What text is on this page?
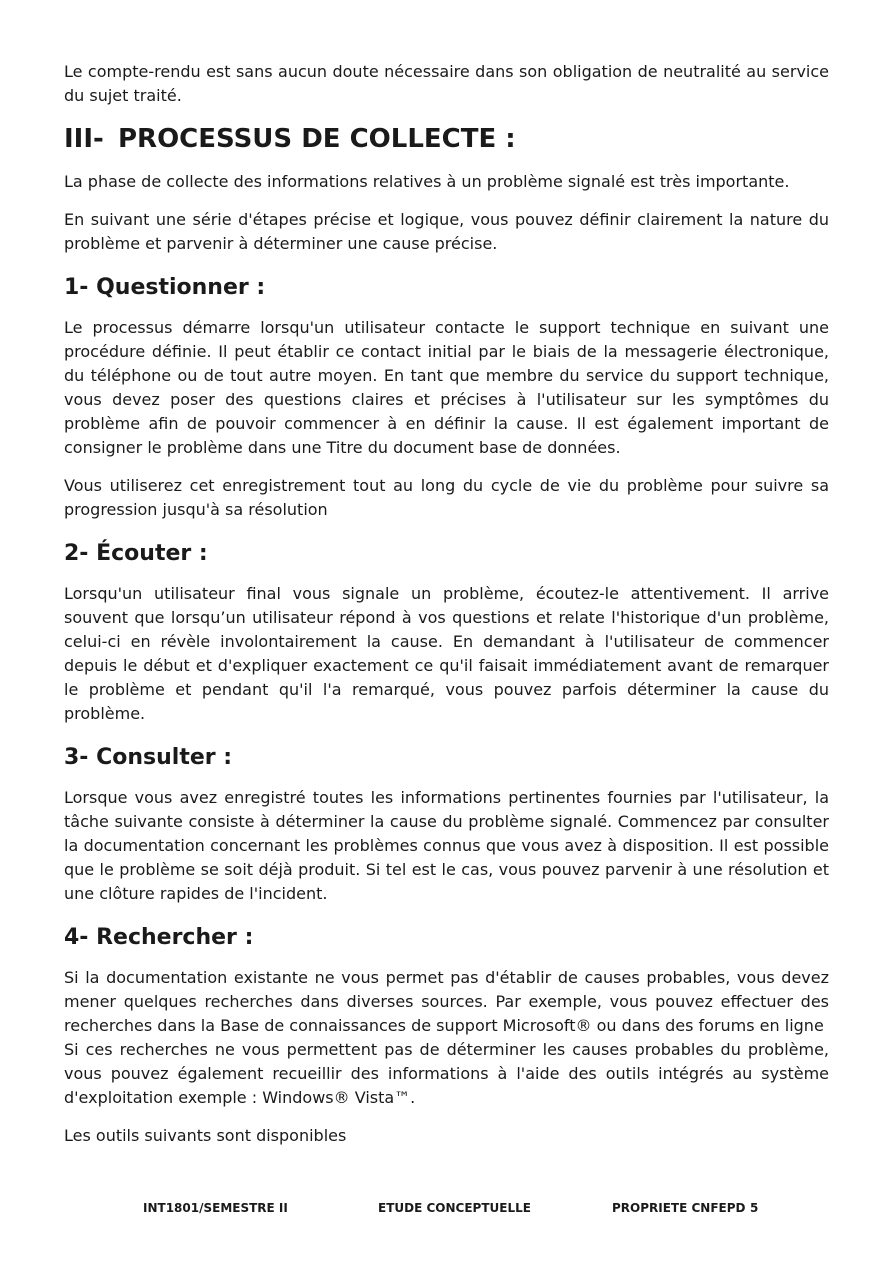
Le compte-rendu est sans aucun doute nécessaire dans son obligation de neutralité au service du sujet traité.

III- PROCESSUS DE COLLECTE :

La phase de collecte des informations relatives à un problème signalé est très importante.

En suivant une série d'étapes précise et logique, vous pouvez définir clairement la nature du problème et parvenir à déterminer une cause précise.

1- Questionner :

Le processus démarre lorsqu'un utilisateur contacte le support technique en suivant une procédure définie. Il peut établir ce contact initial par le biais de la messagerie électronique, du téléphone ou de tout autre moyen. En tant que membre du service du support technique, vous devez poser des questions claires et précises à l'utilisateur sur les symptômes du problème afin de pouvoir commencer à en définir la cause. Il est également important de consigner le problème dans une Titre du document base de données.

Vous utiliserez cet enregistrement tout au long du cycle de vie du problème pour suivre sa progression jusqu'à sa résolution

2- Écouter :

Lorsqu'un utilisateur final vous signale un problème, écoutez-le attentivement. Il arrive souvent que lorsqu’un utilisateur répond à vos questions et relate l'historique d'un problème, celui-ci en révèle involontairement la cause. En demandant à l'utilisateur de commencer depuis le début et d'expliquer exactement ce qu'il faisait immédiatement avant de remarquer le problème et pendant qu'il l'a remarqué, vous pouvez parfois déterminer la cause du problème.

3- Consulter :

Lorsque vous avez enregistré toutes les informations pertinentes fournies par l'utilisateur, la tâche suivante consiste à déterminer la cause du problème signalé. Commencez par consulter la documentation concernant les problèmes connus que vous avez à disposition. Il est possible que le problème se soit déjà produit. Si tel est le cas, vous pouvez parvenir à une résolution et une clôture rapides de l'incident.

4- Rechercher :

Si la documentation existante ne vous permet pas d'établir de causes probables, vous devez mener quelques recherches dans diverses sources. Par exemple, vous pouvez effectuer des recherches dans la Base de connaissances de support Microsoft® ou dans des forums en ligne

Si ces recherches ne vous permettent pas de déterminer les causes probables du problème, vous pouvez également recueillir des informations à l'aide des outils intégrés au système d'exploitation exemple : Windows® Vista™.

Les outils suivants sont disponibles

INT1801/SEMESTRE II	ETUDE CONCEPTUELLE	PROPRIETE CNFEPD 5
